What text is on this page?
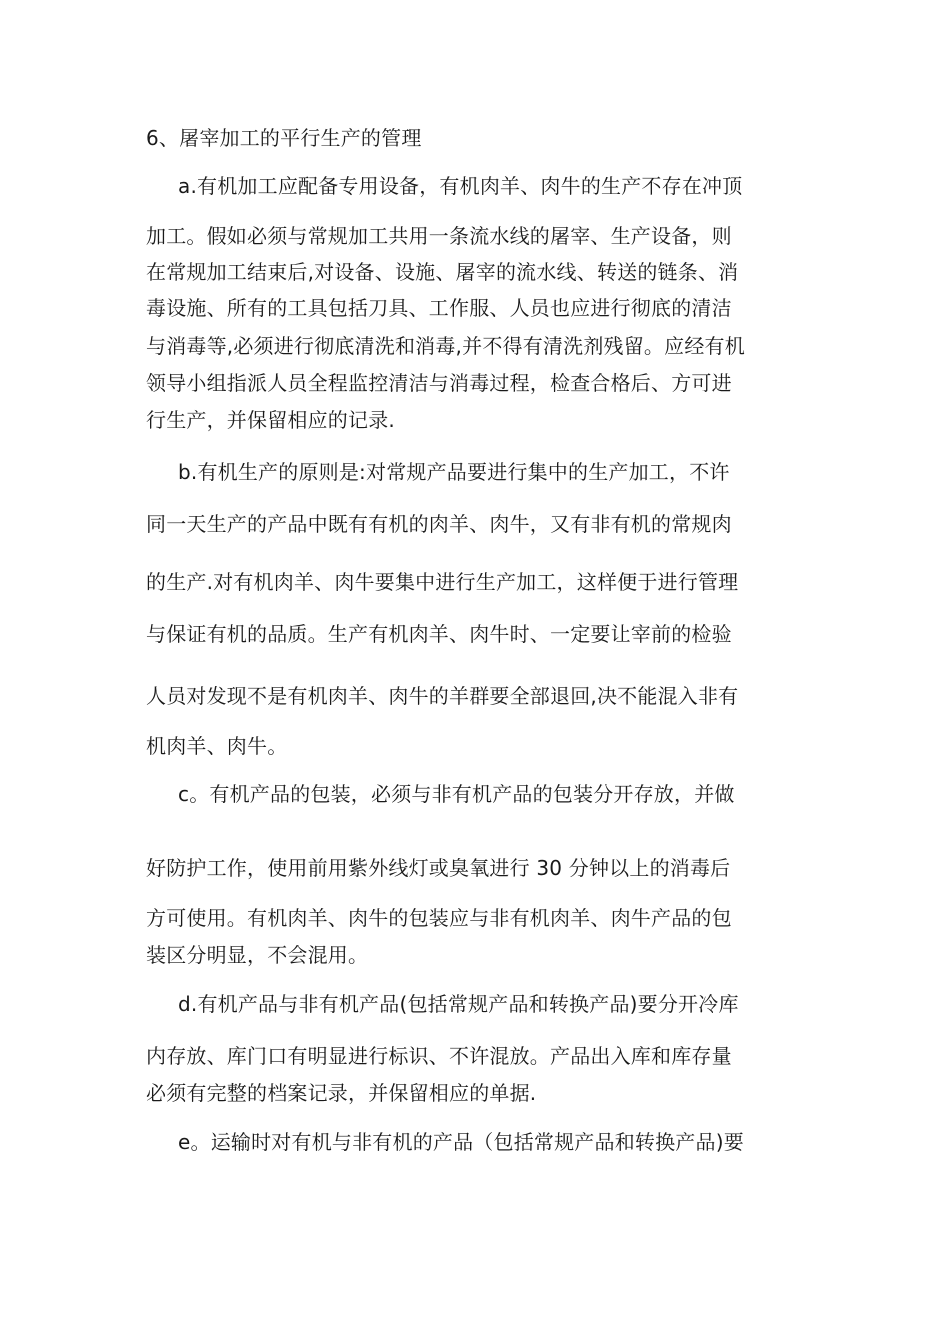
6、屠宰加工的平行生产的管理
a.有机加工应配备专用设备，有机肉羊、肉牛的生产不存在冲顶
加工。假如必须与常规加工共用一条流水线的屠宰、生产设备，则
在常规加工结束后,对设备、设施、屠宰的流水线、转送的链条、消
毒设施、所有的工具包括刀具、工作服、人员也应进行彻底的清洁
与消毒等,必须进行彻底清洗和消毒,并不得有清洗剂残留。应经有机
领导小组指派人员全程监控清洁与消毒过程，检查合格后、方可进
行生产，并保留相应的记录.
b.有机生产的原则是:对常规产品要进行集中的生产加工，不许
同一天生产的产品中既有有机的肉羊、肉牛，又有非有机的常规肉
的生产.对有机肉羊、肉牛要集中进行生产加工，这样便于进行管理
与保证有机的品质。生产有机肉羊、肉牛时、一定要让宰前的检验
人员对发现不是有机肉羊、肉牛的羊群要全部退回,决不能混入非有
机肉羊、肉牛。
c。有机产品的包装，必须与非有机产品的包装分开存放，并做
好防护工作，使用前用紫外线灯或臭氧进行 30 分钟以上的消毒后
方可使用。有机肉羊、肉牛的包装应与非有机肉羊、肉牛产品的包
装区分明显，不会混用。
d.有机产品与非有机产品(包括常规产品和转换产品)要分开冷库
内存放、库门口有明显进行标识、不许混放。产品出入库和库存量
必须有完整的档案记录，并保留相应的单据.
e。运输时对有机与非有机的产品（包括常规产品和转换产品)要
